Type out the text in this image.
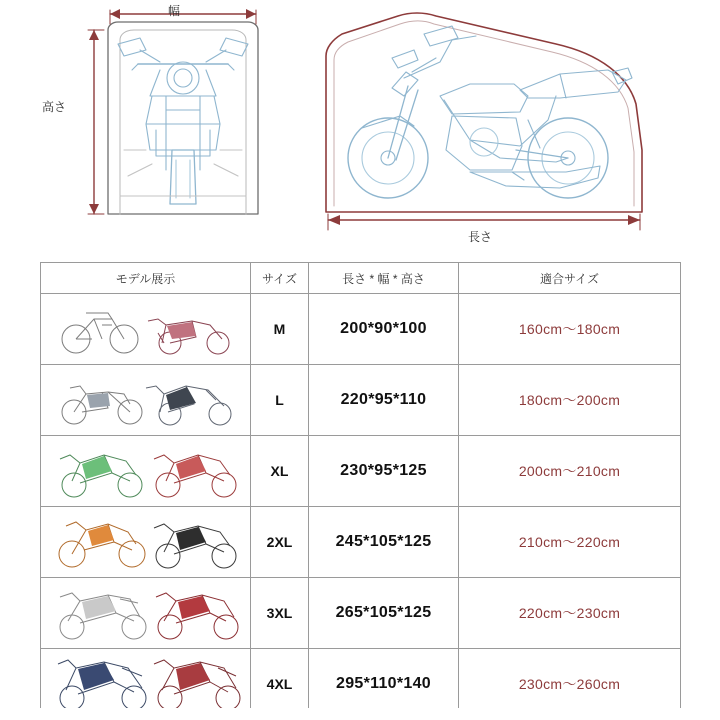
幅
高さ
長さ
モデル展示	サイズ	長さ * 幅 * 高さ	適合サイズ

	M	200*90*100	160cm〜180cm

	L	220*95*110	180cm〜200cm

	XL	230*95*125	200cm〜210cm

	2XL	245*105*125	210cm〜220cm

	3XL	265*105*125	220cm〜230cm

	4XL	295*110*140	230cm〜260cm
